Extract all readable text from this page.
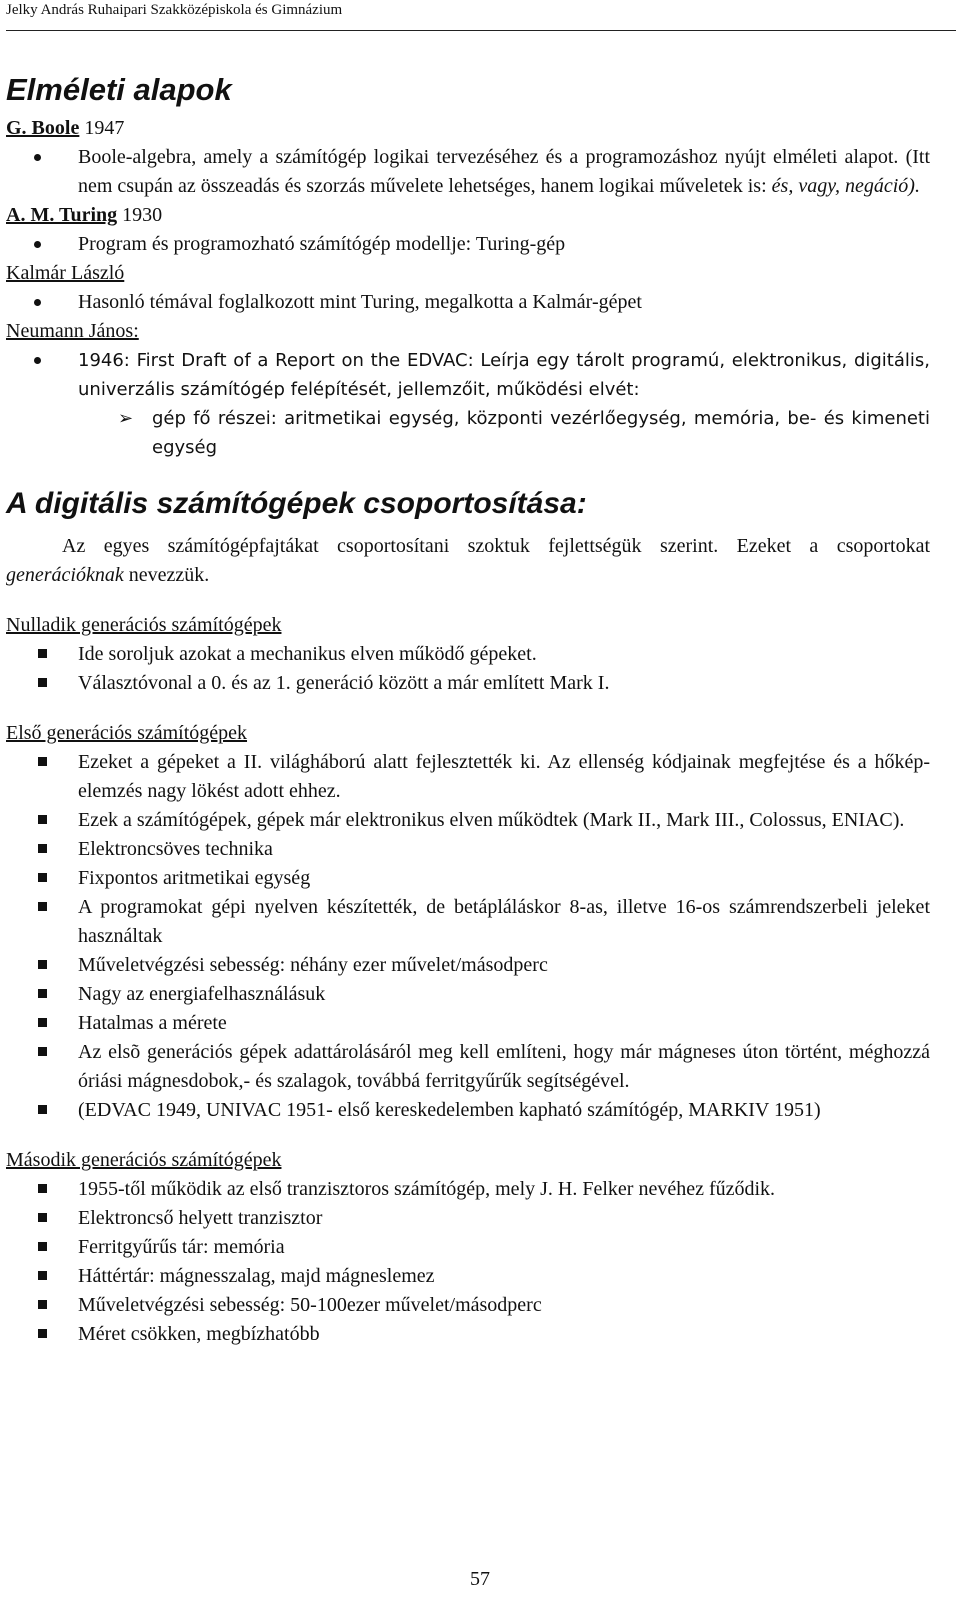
Jelky András Ruhaipari Szakközépiskola és Gimnázium
Elméleti alapok
G. Boole 1947
Boole-algebra, amely a számítógép logikai tervezéséhez és a programozáshoz nyújt elméleti alapot. (Itt nem csupán az összeadás és szorzás művelete lehetséges, hanem logikai műveletek is: és, vagy, negáció).
A. M. Turing 1930
Program és programozható számítógép modellje: Turing-gép
Kalmár László
Hasonló témával foglalkozott mint Turing, megalkotta a Kalmár-gépet
Neumann János:
1946: First Draft of a Report on the EDVAC: Leírja egy tárolt programú, elektronikus, digitális, univerzális számítógép felépítését, jellemzőit, működési elvét:
➢ gép fő részei: aritmetikai egység, központi vezérlőegység, memória, be- és kimeneti egység
A digitális számítógépek csoportosítása:

Az egyes számítógépfajtákat csoportosítani szoktuk fejlettségük szerint. Ezeket a csoportokat generációknak nevezzük.

Nulladik generációs számítógépek
Ide soroljuk azokat a mechanikus elven működő gépeket.
Választóvonal a 0. és az 1. generáció között a már említett Mark I.
Első generációs számítógépek
Ezeket a gépeket a II. világháború alatt fejlesztették ki. Az ellenség kódjainak megfejtése és a hőkép-elemzés nagy lökést adott ehhez.
Ezek a számítógépek, gépek már elektronikus elven működtek (Mark II., Mark III., Colossus, ENIAC).
Elektroncsöves technika
Fixpontos aritmetikai egység
A programokat gépi nyelven készítették, de betápláláskor 8-as, illetve 16-os számrendszerbeli jeleket használtak
Műveletvégzési sebesség: néhány ezer művelet/másodperc
Nagy az energiafelhasználásuk
Hatalmas a mérete
Az elsõ generációs gépek adattárolásáról meg kell említeni, hogy már mágneses úton történt, méghozzá óriási mágnesdobok,- és szalagok, továbbá ferritgyűrűk segítségével.
(EDVAC 1949, UNIVAC 1951- első kereskedelemben kapható számítógép, MARKIV 1951)
Második generációs számítógépek
1955-től működik az első tranzisztoros számítógép, mely J. H. Felker nevéhez fűződik.
Elektroncső helyett tranzisztor
Ferritgyűrűs tár: memória
Háttértár: mágnesszalag, majd mágneslemez
Műveletvégzési sebesség: 50-100ezer művelet/másodperc
Méret csökken, megbízhatóbb
57
